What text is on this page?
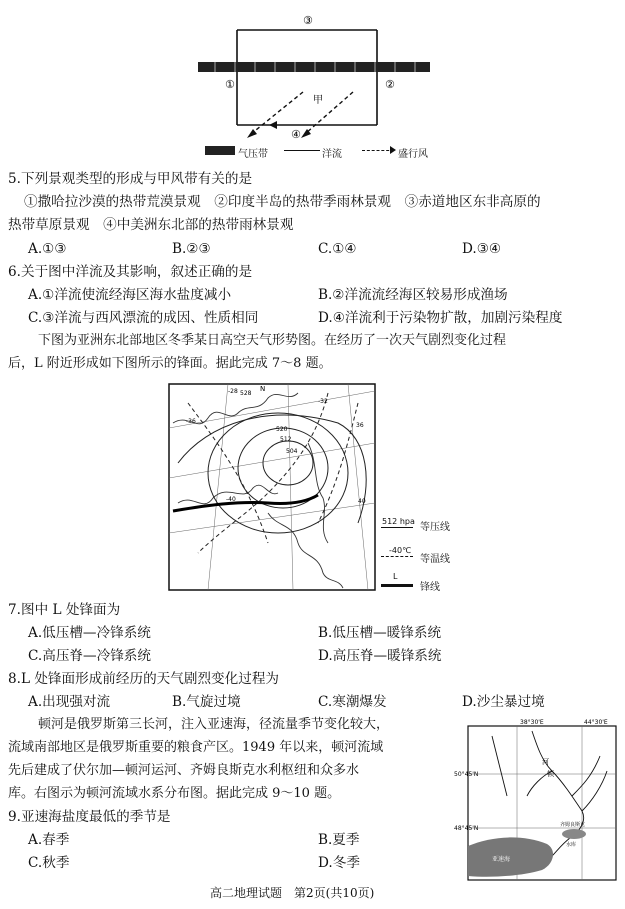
③
①	②
④
甲
气压带	洋流	盛行风
5.下列景观类型的形成与甲风带有关的是
①撒哈拉沙漠的热带荒漠景观　②印度半岛的热带季雨林景观　③赤道地区东非高原的
热带草原景观　④中美洲东北部的热带雨林景观
A.①③	B.②③	C.①④	D.③④
6.关于图中洋流及其影响，叙述正确的是
A.①洋流使流经海区海水盐度减小	B.②洋流流经海区较易形成渔场
C.③洋流与西风漂流的成因、性质相同	D.④洋流利于污染物扩散，加剧污染程度
下图为亚洲东北部地区冬季某日高空天气形势图。在经历了一次天气剧烈变化过程
后，L 附近形成如下图所示的锋面。据此完成 7～8 题。
528
520
512
504
-36
-40
-32
-28
36
40
N
512 hpa
等压线
-40℃
等温线
L
锋线
7.图中 L 处锋面为
A.低压槽—冷锋系统	B.低压槽—暖锋系统
C.高压脊—冷锋系统	D.高压脊—暖锋系统
8.L 处锋面形成前经历的天气剧烈变化过程为
A.出现强对流	B.气旋过境	C.寒潮爆发	D.沙尘暴过境
顿河是俄罗斯第三长河，注入亚速海，径流量季节变化较大，
流域南部地区是俄罗斯重要的粮食产区。1949 年以来，顿河流域
先后建成了伏尔加—顿河运河、齐姆良斯克水利枢纽和众多水
库。右图示为顿河流域水系分布图。据此完成 9～10 题。
38°30'E	44°30'E
50°45'N
48°45'N
河
顿
齐姆良斯克
水库
亚速海
9.亚速海盐度最低的季节是
A.春季	B.夏季
C.秋季	D.冬季
高二地理试题　第2页(共10页)
